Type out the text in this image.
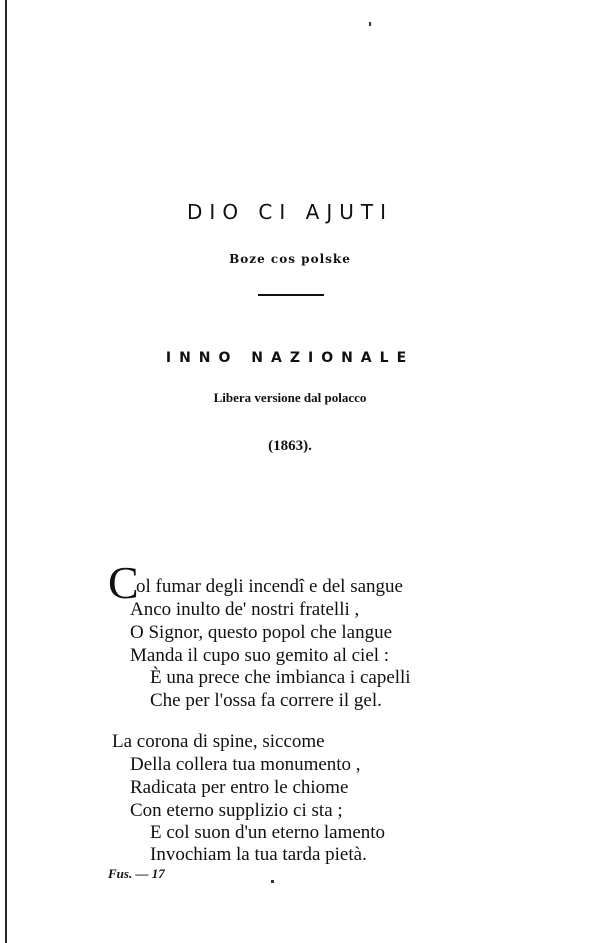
DIO CI AJUTI
Boze cos polske
INNO NAZIONALE
Libera versione dal polacco
(1863).
C
ol fumar degli incendî e del sangue
Anco inulto de' nostri fratelli ,
O Signor, questo popol che langue
Manda il cupo suo gemito al ciel :
È una prece che imbianca i capelli
Che per l'ossa fa correre il gel.
La corona di spine, siccome
Della collera tua monumento ,
Radicata per entro le chiome
Con eterno supplizio ci sta ;
E col suon d'un eterno lamento
Invochiam la tua tarda pietà.
Fus. — 17
